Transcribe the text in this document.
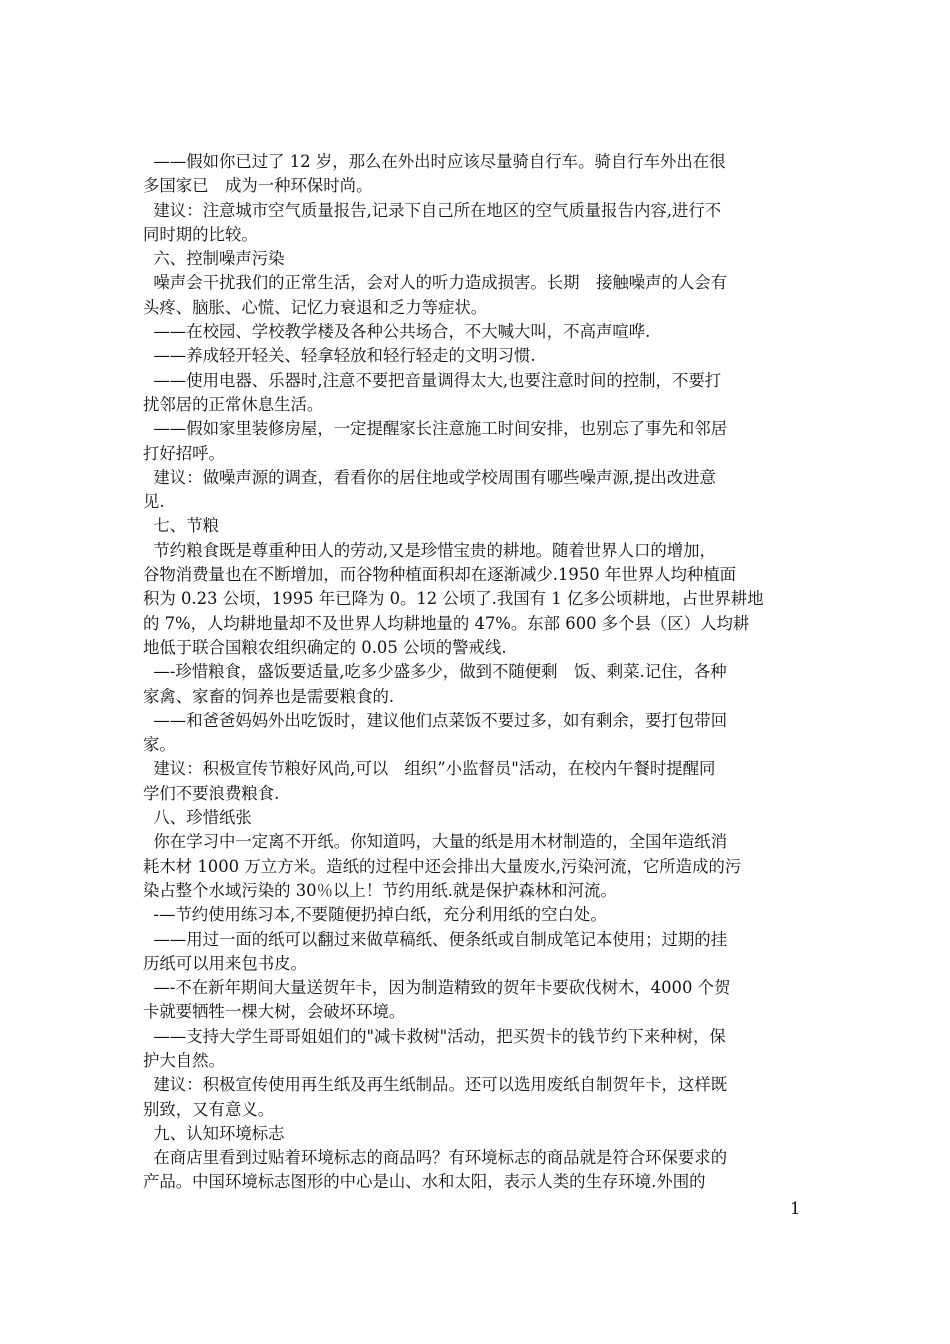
——假如你已过了 12 岁，那么在外出时应该尽量骑自行车。骑自行车外出在很
多国家已　成为一种环保时尚。
建议：注意城市空气质量报告,记录下自己所在地区的空气质量报告内容,进行不
同时期的比较。
六、控制噪声污染
噪声会干扰我们的正常生活，会对人的听力造成损害。长期　接触噪声的人会有
头疼、脑胀、心慌、记忆力衰退和乏力等症状。
——在校园、学校教学楼及各种公共场合，不大喊大叫，不高声喧哗.
——养成轻开轻关、轻拿轻放和轻行轻走的文明习惯.
——使用电器、乐器时,注意不要把音量调得太大,也要注意时间的控制，不要打
扰邻居的正常休息生活。
——假如家里装修房屋，一定提醒家长注意施工时间安排，也别忘了事先和邻居
打好招呼。
建议：做噪声源的调查，看看你的居住地或学校周围有哪些噪声源,提出改进意
见.
七、节粮
节约粮食既是尊重种田人的劳动,又是珍惜宝贵的耕地。随着世界人口的增加，
谷物消费量也在不断增加，而谷物种植面积却在逐渐减少.1950 年世界人均种植面
积为 0.23 公顷，1995 年已降为 0。12 公顷了.我国有 1 亿多公顷耕地，占世界耕地
的 7%，人均耕地量却不及世界人均耕地量的 47%。东部 600 多个县（区）人均耕
地低于联合国粮农组织确定的 0.05 公顷的警戒线.
—-珍惜粮食，盛饭要适量,吃多少盛多少，做到不随便剩　饭、剩菜.记住，各种
家禽、家畜的饲养也是需要粮食的.
——和爸爸妈妈外出吃饭时，建议他们点菜饭不要过多，如有剩余，要打包带回
家。
建议：积极宣传节粮好风尚,可以　组织”小监督员"活动，在校内午餐时提醒同
学们不要浪费粮食.
八、珍惜纸张
你在学习中一定离不开纸。你知道吗，大量的纸是用木材制造的，全国年造纸消
耗木材 1000 万立方米。造纸的过程中还会排出大量废水,污染河流，它所造成的污
染占整个水域污染的 30％以上！节约用纸.就是保护森林和河流。
-—节约使用练习本,不要随便扔掉白纸，充分利用纸的空白处。
——用过一面的纸可以翻过来做草稿纸、便条纸或自制成笔记本使用；过期的挂
历纸可以用来包书皮。
—-不在新年期间大量送贺年卡，因为制造精致的贺年卡要砍伐树木，4000 个贺
卡就要牺牲一棵大树，会破坏环境。
——支持大学生哥哥姐姐们的"减卡救树"活动，把买贺卡的钱节约下来种树，保
护大自然。
建议：积极宣传使用再生纸及再生纸制品。还可以选用废纸自制贺年卡，这样既
别致，又有意义。
九、认知环境标志
在商店里看到过贴着环境标志的商品吗？有环境标志的商品就是符合环保要求的
产品。中国环境标志图形的中心是山、水和太阳，表示人类的生存环境.外围的
1
